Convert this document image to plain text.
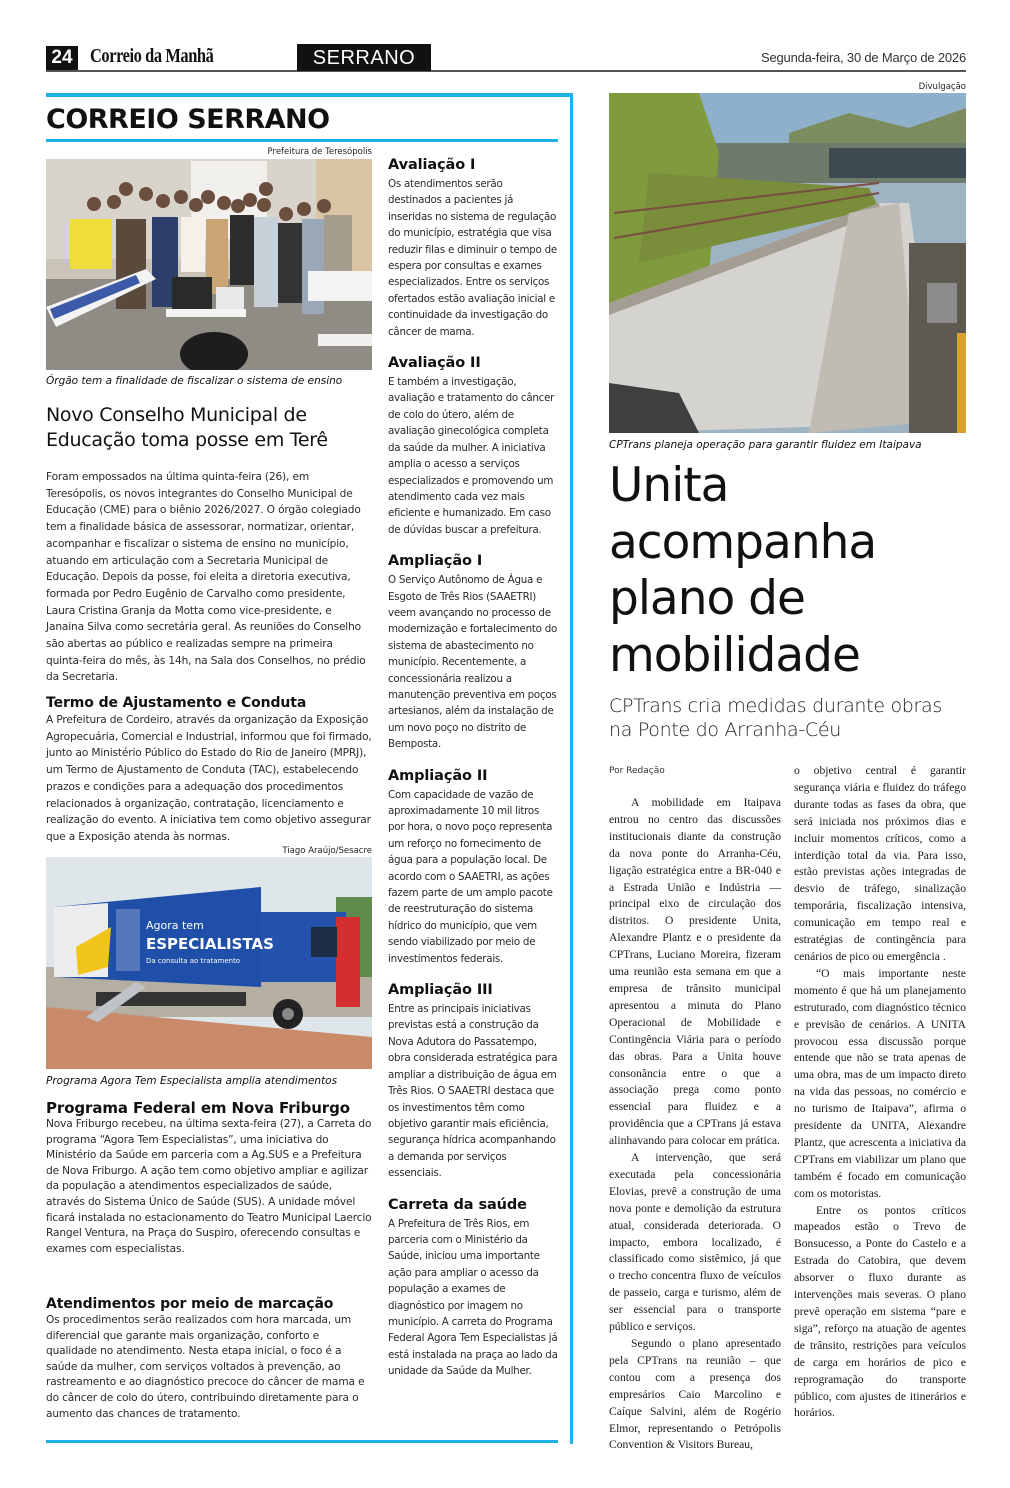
24 Correio da Manhã	SERRANO	Segunda-feira, 30 de Março de 2026
CORREIO SERRANO
Prefeitura de Teresópolis
Órgão tem a finalidade de fiscalizar o sistema de ensino
Novo Conselho Municipal de Educação toma posse em Terê

Foram empossados na última quinta-feira (26), em Teresópolis, os novos integrantes do Conselho Municipal de Educação (CME) para o biênio 2026/2027. O órgão colegiado tem a finalidade básica de assessorar, normatizar, orientar, acompanhar e fiscalizar o sistema de ensino no município, atuando em articulação com a Secretaria Municipal de Educação. Depois da posse, foi eleita a diretoria executiva, formada por Pedro Eugênio de Carvalho como presidente, Laura Cristina Granja da Motta como vice-presidente, e Janaina Silva como secretária geral. As reuniões do Conselho são abertas ao público e realizadas sempre na primeira quinta-feira do mês, às 14h, na Sala dos Conselhos, no prédio da Secretaria.

Termo de Ajustamento e Conduta

A Prefeitura de Cordeiro, através da organização da Exposição Agropecuária, Comercial e Industrial, informou que foi firmado, junto ao Ministério Público do Estado do Rio de Janeiro (MPRJ), um Termo de Ajustamento de Conduta (TAC), estabelecendo prazos e condições para a adequação dos procedimentos relacionados à organização, contratação, licenciamento e realização do evento. A iniciativa tem como objetivo assegurar que a Exposição atenda às normas.

Tiago Araújo/Sesacre
Agora tem
ESPECIALISTAS
Da consulta ao tratamento
Programa Agora Tem Especialista amplia atendimentos
Programa Federal em Nova Friburgo

Nova Friburgo recebeu, na última sexta-feira (27), a Carreta do programa “Agora Tem Especialistas”, uma iniciativa do Ministério da Saúde em parceria com a Ag.SUS e a Prefeitura de Nova Friburgo. A ação tem como objetivo ampliar e agilizar da população a atendimentos especializados de saúde, através do Sistema Único de Saúde (SUS). A unidade móvel ficará instalada no estacionamento do Teatro Municipal Laercio Rangel Ventura, na Praça do Suspiro, oferecendo consultas e exames com especialistas.

Atendimentos por meio de marcação

Os procedimentos serão realizados com hora marcada, um diferencial que garante mais organização, conforto e qualidade no atendimento. Nesta etapa inicial, o foco é a saúde da mulher, com serviços voltados à prevenção, ao rastreamento e ao diagnóstico precoce do câncer de mama e do câncer de colo do útero, contribuindo diretamente para o aumento das chances de tratamento.

Avaliação I

Os atendimentos serão destinados a pacientes já inseridas no sistema de regulação do município, estratégia que visa reduzir filas e diminuir o tempo de espera por consultas e exames especializados. Entre os serviços ofertados estão avaliação inicial e continuidade da investigação do câncer de mama.

Avaliação II

E também a investigação, avaliação e tratamento do câncer de colo do útero, além de avaliação ginecológica completa da saúde da mulher. A iniciativa amplia o acesso a serviços especializados e promovendo um atendimento cada vez mais eficiente e humanizado. Em caso de dúvidas buscar a prefeitura.

Ampliação I

O Serviço Autônomo de Água e Esgoto de Três Rios (SAAETRI) veem avançando no processo de modernização e fortalecimento do sistema de abastecimento no município. Recentemente, a concessionária realizou a manutenção preventiva em poços artesianos, além da instalação de um novo poço no distrito de Bemposta.

Ampliação II

Com capacidade de vazão de aproximadamente 10 mil litros por hora, o novo poço representa um reforço no fornecimento de água para a população local. De acordo com o SAAETRI, as ações fazem parte de um amplo pacote de reestruturação do sistema hídrico do município, que vem sendo viabilizado por meio de investimentos federais.

Ampliação III

Entre as principais iniciativas previstas está a construção da Nova Adutora do Passatempo, obra considerada estratégica para ampliar a distribuição de água em Três Rios. O SAAETRI destaca que os investimentos têm como objetivo garantir mais eficiência, segurança hídrica acompanhando a demanda por serviços essenciais.

Carreta da saúde

A Prefeitura de Três Rios, em parceria com o Ministério da Saúde, iniciou uma importante ação para ampliar o acesso da população a exames de diagnóstico por imagem no município. A carreta do Programa Federal Agora Tem Especialistas já está instalada na praça ao lado da unidade da Saúde da Mulher.

Divulgação
CPTrans planeja operação para garantir fluidez em Itaipava
Unita acompanha plano de mobilidade
CPTrans cria medidas durante obras na Ponte do Arranha-Céu
Por Redação

A mobilidade em Itaipava entrou no centro das discussões institucionais diante da construção da nova ponte do Arranha-Céu, ligação estratégica entre a BR-040 e a Estrada União e Indústria — principal eixo de circulação dos distritos. O presidente Unita, Alexandre Plantz e o presidente da CPTrans, Luciano Moreira, fizeram uma reunião esta semana em que a empresa de trânsito municipal apresentou a minuta do Plano Operacional de Mobilidade e Contingência Viária para o período das obras. Para a Unita houve consonância entre o que a associação prega como ponto essencial para fluidez e a providência que a CPTrans já estava alinhavando para colocar em prática.

A intervenção, que será executada pela concessionária Elovias, prevê a construção de uma nova ponte e demolição da estrutura atual, considerada deteriorada. O impacto, embora localizado, é classificado como sistêmico, já que o trecho concentra fluxo de veículos de passeio, carga e turismo, além de ser essencial para o transporte público e serviços.

Segundo o plano apresentado pela CPTrans na reunião – que contou com a presença dos empresários Caio Marcolino e Caíque Salvini, além de Rogério Elmor, representando o Petrópolis Convention & Visitors Bureau,

o objetivo central é garantir segurança viária e fluidez do tráfego durante todas as fases da obra, que será iniciada nos próximos dias e incluir momentos críticos, como a interdição total da via. Para isso, estão previstas ações integradas de desvio de tráfego, sinalização temporária, fiscalização intensiva, comunicação em tempo real e estratégias de contingência para cenários de pico ou emergência .

“O mais importante neste momento é que há um planejamento estruturado, com diagnóstico técnico e previsão de cenários. A UNITA provocou essa discussão porque entende que não se trata apenas de uma obra, mas de um impacto direto na vida das pessoas, no comércio e no turismo de Itaipava”, afirma o presidente da UNITA, Alexandre Plantz, que acrescenta a iniciativa da CPTrans em viabilizar um plano que também é focado em comunicação com os motoristas.

Entre os pontos críticos mapeados estão o Trevo de Bonsucesso, a Ponte do Castelo e a Estrada do Catobira, que devem absorver o fluxo durante as intervenções mais severas. O plano prevê operação em sistema “pare e siga”, reforço na atuação de agentes de trânsito, restrições para veículos de carga em horários de pico e reprogramação do transporte público, com ajustes de itinerários e horários.
